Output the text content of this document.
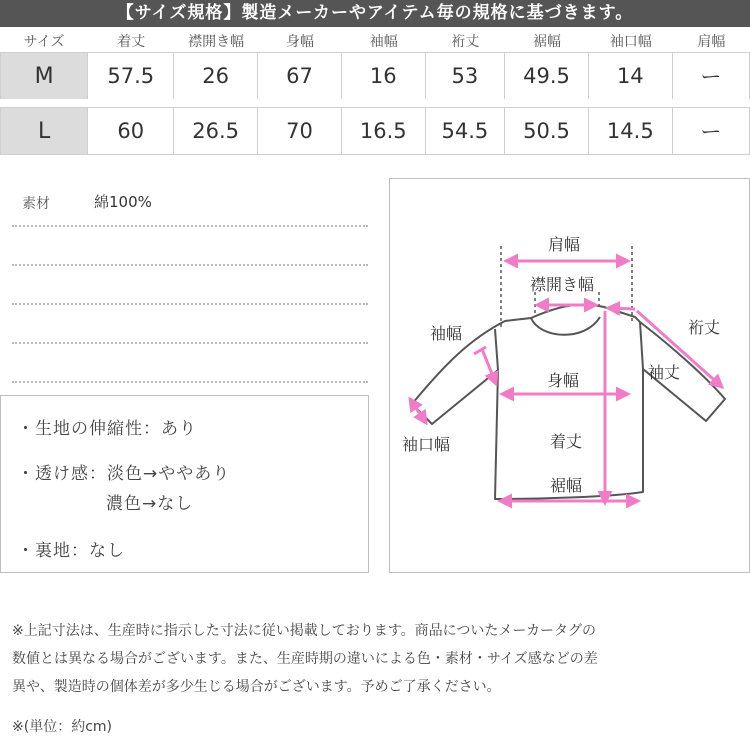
【サイズ規格】製造メーカーやアイテム毎の規格に基づきます。
サイズ	着丈	襟開き幅	身幅	袖幅	裄丈	裾幅	袖口幅	肩幅
M	57.5	26	67	16	53	49.5	14	ー

L	60	26.5	70	16.5	54.5	50.5	14.5	ー
素材	綿100%
・生地の伸縮性：あり
・透け感：淡色→ややあり
濃色→なし
・裏地：なし
肩幅
襟開き幅
袖幅	裄丈
袖丈
身幅
袖口幅	着丈
裾幅
※上記寸法は、生産時に指示した寸法に従い掲載しております。商品についたメーカータグの
数値とは異なる場合がございます。また、生産時期の違いによる色・素材・サイズ感などの差
異や、製造時の個体差が多少生じる場合がございます。予めご了承ください。
※(単位：約cm)
